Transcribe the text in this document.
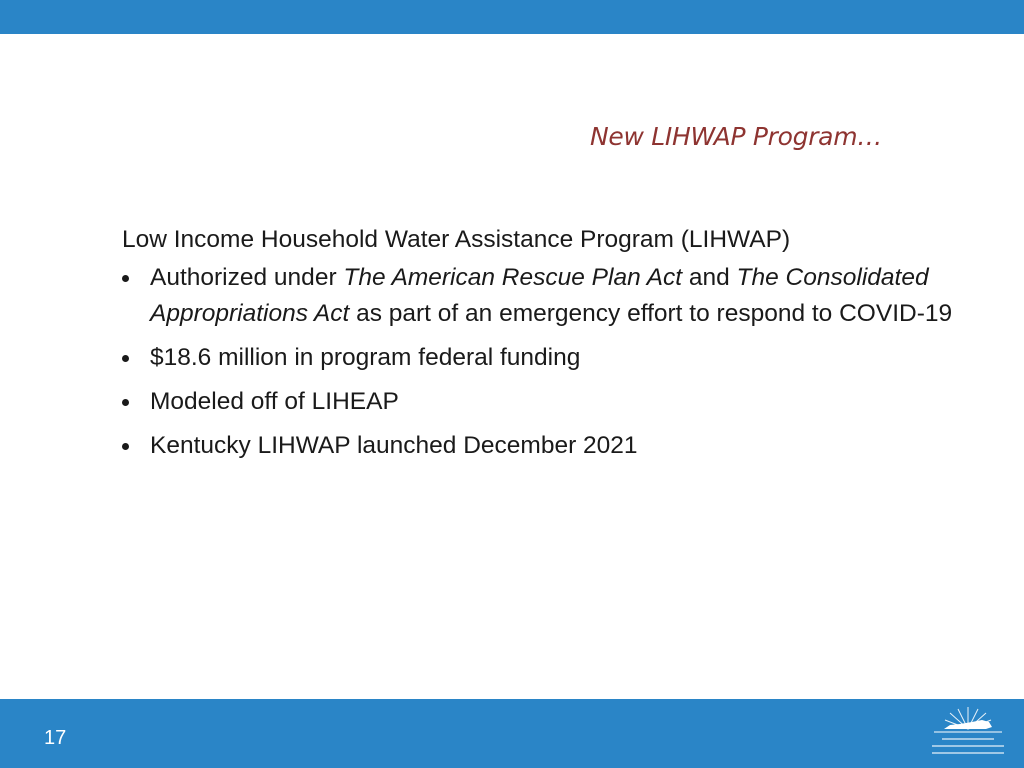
New LIHWAP Program…
Low Income Household Water Assistance Program (LIHWAP)
Authorized under The American Rescue Plan Act and The Consolidated Appropriations Act as part of an emergency effort to respond to COVID-19
$18.6 million in program federal funding
Modeled off of LIHEAP
Kentucky LIHWAP launched December 2021
17
